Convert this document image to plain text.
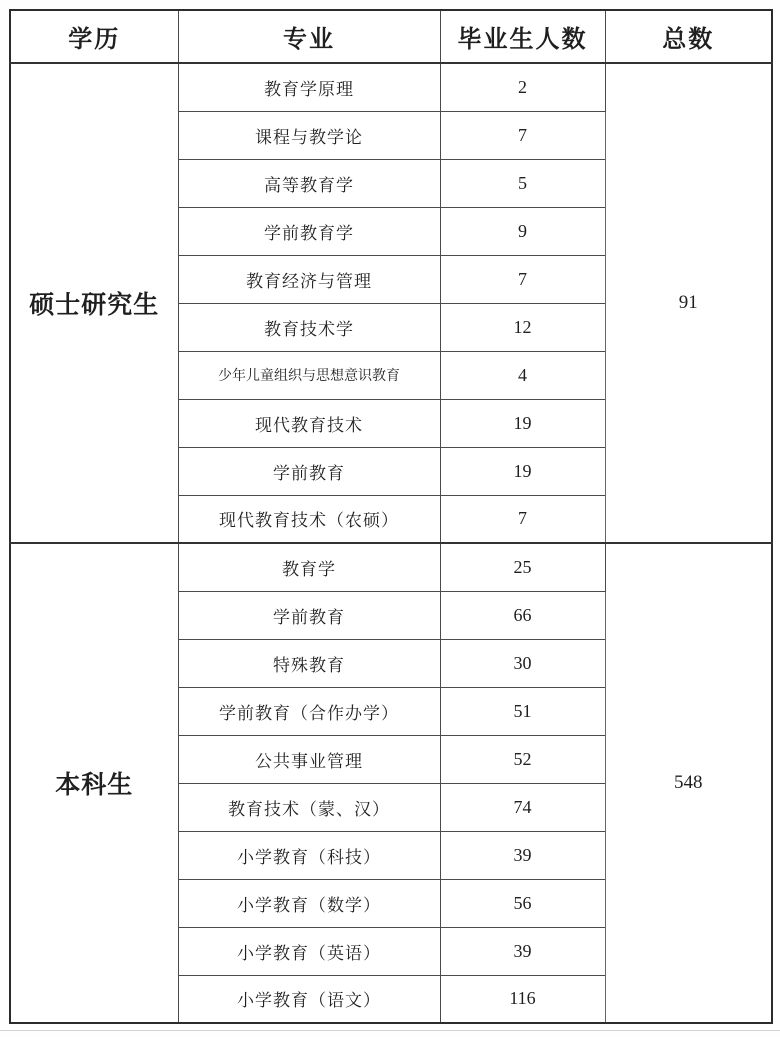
学历	专业	毕业生人数	总数
硕士研究生	教育学原理	2	91
	课程与教学论	7	
	高等教育学	5	
	学前教育学	9	
	教育经济与管理	7	
	教育技术学	12	
	少年儿童组织与思想意识教育	4	
	现代教育技术	19	
	学前教育	19	
	现代教育技术（农硕）	7	
本科生	教育学	25	548
	学前教育	66	
	特殊教育	30	
	学前教育（合作办学）	51	
	公共事业管理	52	
	教育技术（蒙、汉）	74	
	小学教育（科技）	39	
	小学教育（数学）	56	
	小学教育（英语）	39	
	小学教育（语文）	116	
